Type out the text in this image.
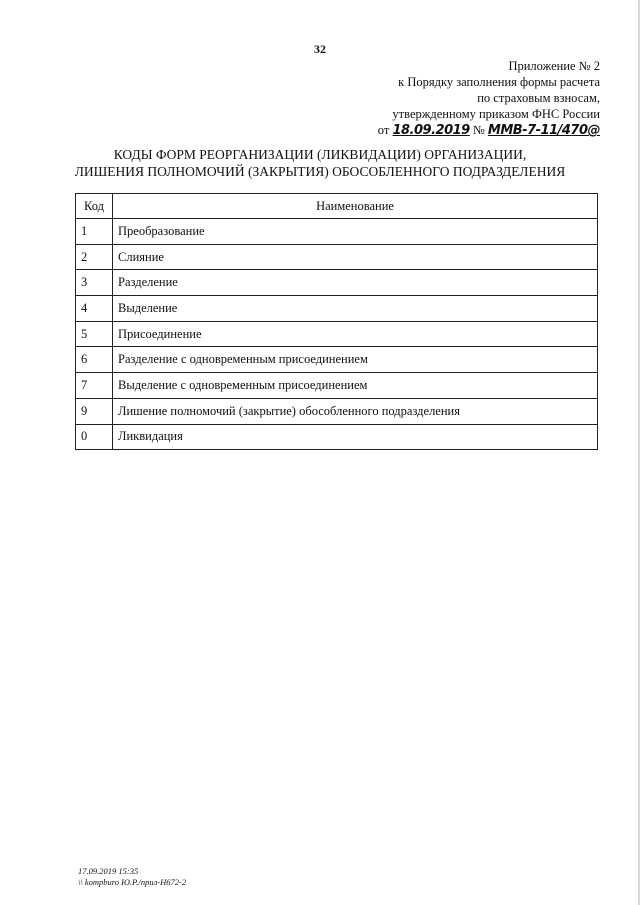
32
Приложение № 2
к Порядку заполнения формы расчета
по страховым взносам,
утвержденному приказом ФНС России
от 18.09.2019 № ММВ-7-11/470@
КОДЫ ФОРМ РЕОРГАНИЗАЦИИ (ЛИКВИДАЦИИ) ОРГАНИЗАЦИИ,
ЛИШЕНИЯ ПОЛНОМОЧИЙ (ЗАКРЫТИЯ) ОБОСОБЛЕННОГО ПОДРАЗДЕЛЕНИЯ
Код	Наименование
1	Преобразование
2	Слияние
3	Разделение
4	Выделение
5	Присоединение
6	Разделение с одновременным присоединением
7	Выделение с одновременным присоединением
9	Лишение полномочий (закрытие) обособленного подразделения
0	Ликвидация
17.09.2019 15:35
\\ kompburo Ю.Р./прил-Н672-2
